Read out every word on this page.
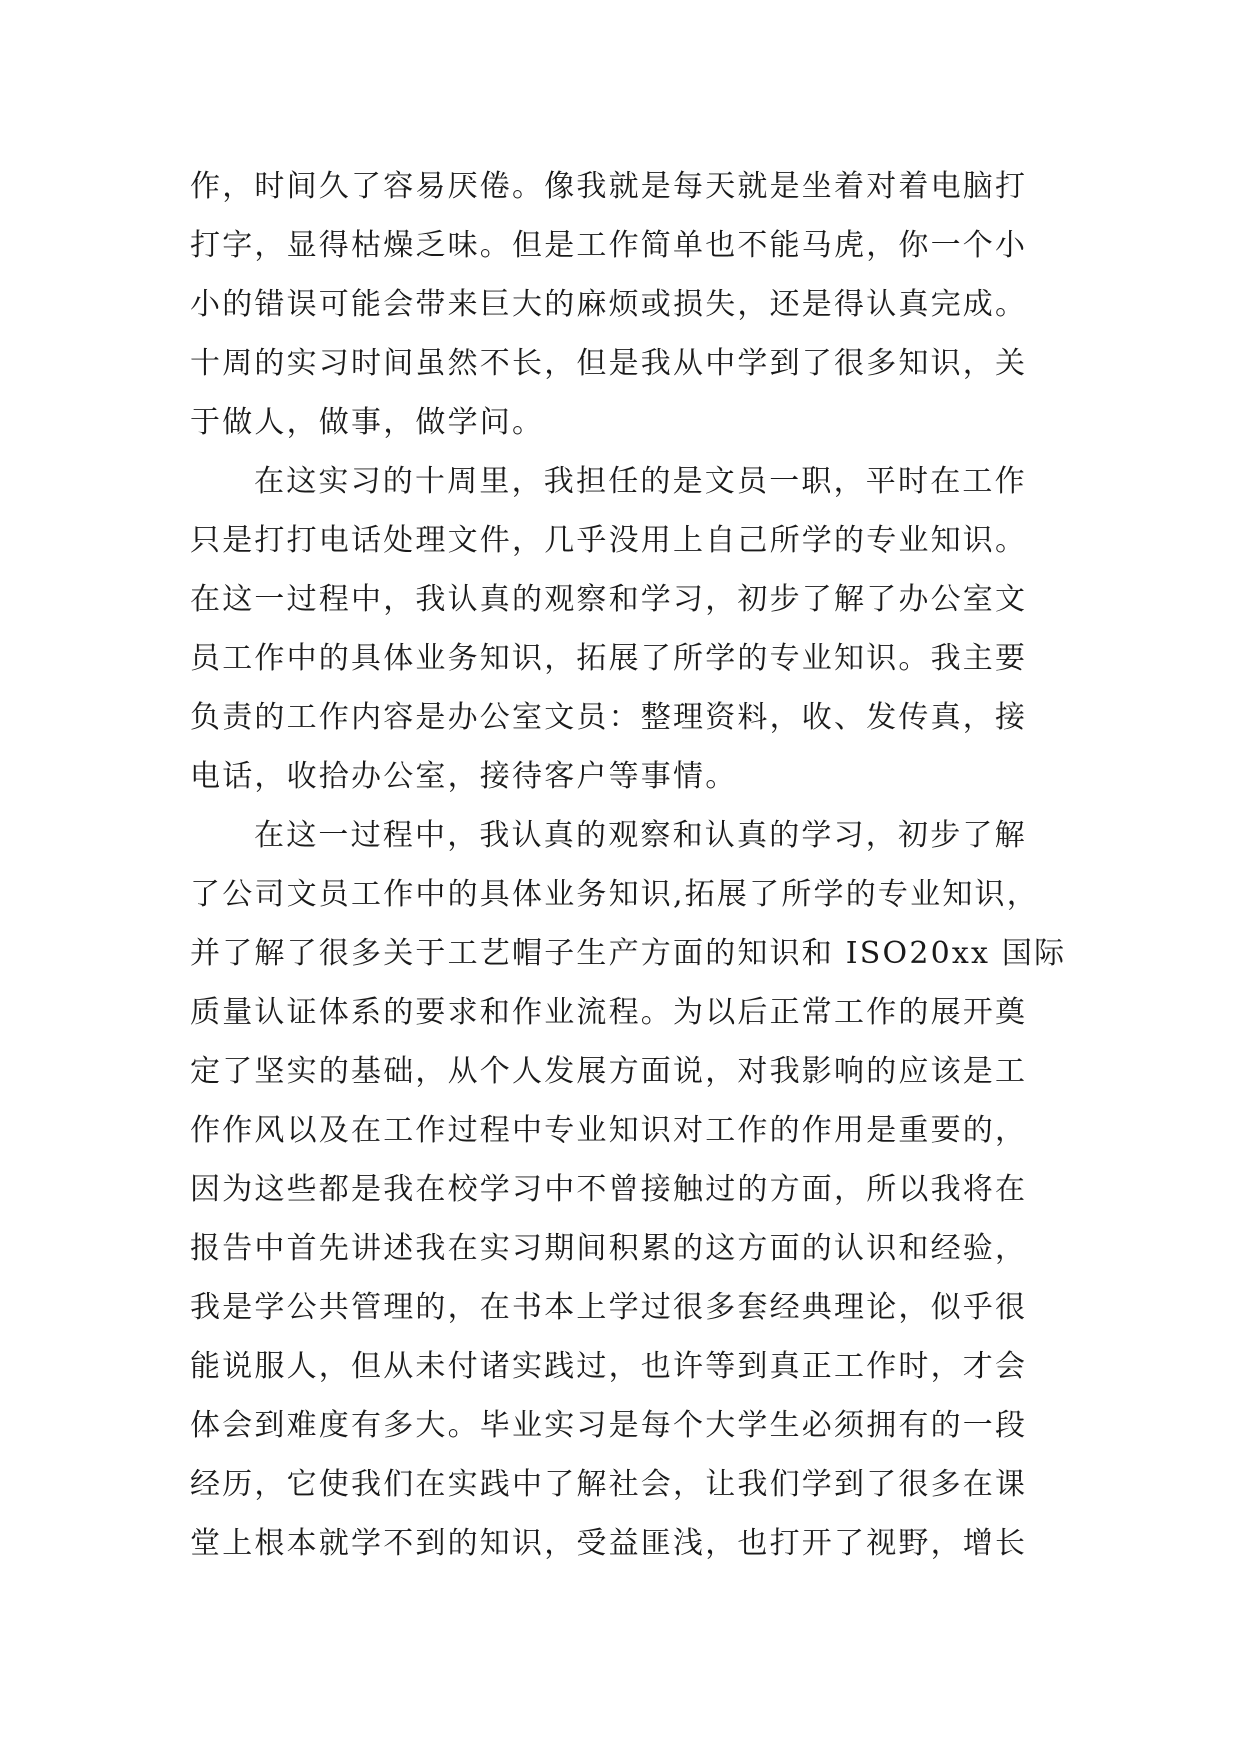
作，时间久了容易厌倦。像我就是每天就是坐着对着电脑打
打字，显得枯燥乏味。但是工作简单也不能马虎，你一个小
小的错误可能会带来巨大的麻烦或损失，还是得认真完成。
十周的实习时间虽然不长，但是我从中学到了很多知识，关
于做人，做事，做学问。
在这实习的十周里，我担任的是文员一职，平时在工作
只是打打电话处理文件，几乎没用上自己所学的专业知识。
在这一过程中，我认真的观察和学习，初步了解了办公室文
员工作中的具体业务知识，拓展了所学的专业知识。我主要
负责的工作内容是办公室文员：整理资料，收、发传真，接
电话，收拾办公室，接待客户等事情。
在这一过程中，我认真的观察和认真的学习，初步了解
了公司文员工作中的具体业务知识,拓展了所学的专业知识，
并了解了很多关于工艺帽子生产方面的知识和 ISO20xx 国际
质量认证体系的要求和作业流程。为以后正常工作的展开奠
定了坚实的基础，从个人发展方面说，对我影响的应该是工
作作风以及在工作过程中专业知识对工作的作用是重要的，
因为这些都是我在校学习中不曾接触过的方面，所以我将在
报告中首先讲述我在实习期间积累的这方面的认识和经验，
我是学公共管理的，在书本上学过很多套经典理论，似乎很
能说服人，但从未付诸实践过，也许等到真正工作时，才会
体会到难度有多大。毕业实习是每个大学生必须拥有的一段
经历，它使我们在实践中了解社会，让我们学到了很多在课
堂上根本就学不到的知识，受益匪浅，也打开了视野，增长
